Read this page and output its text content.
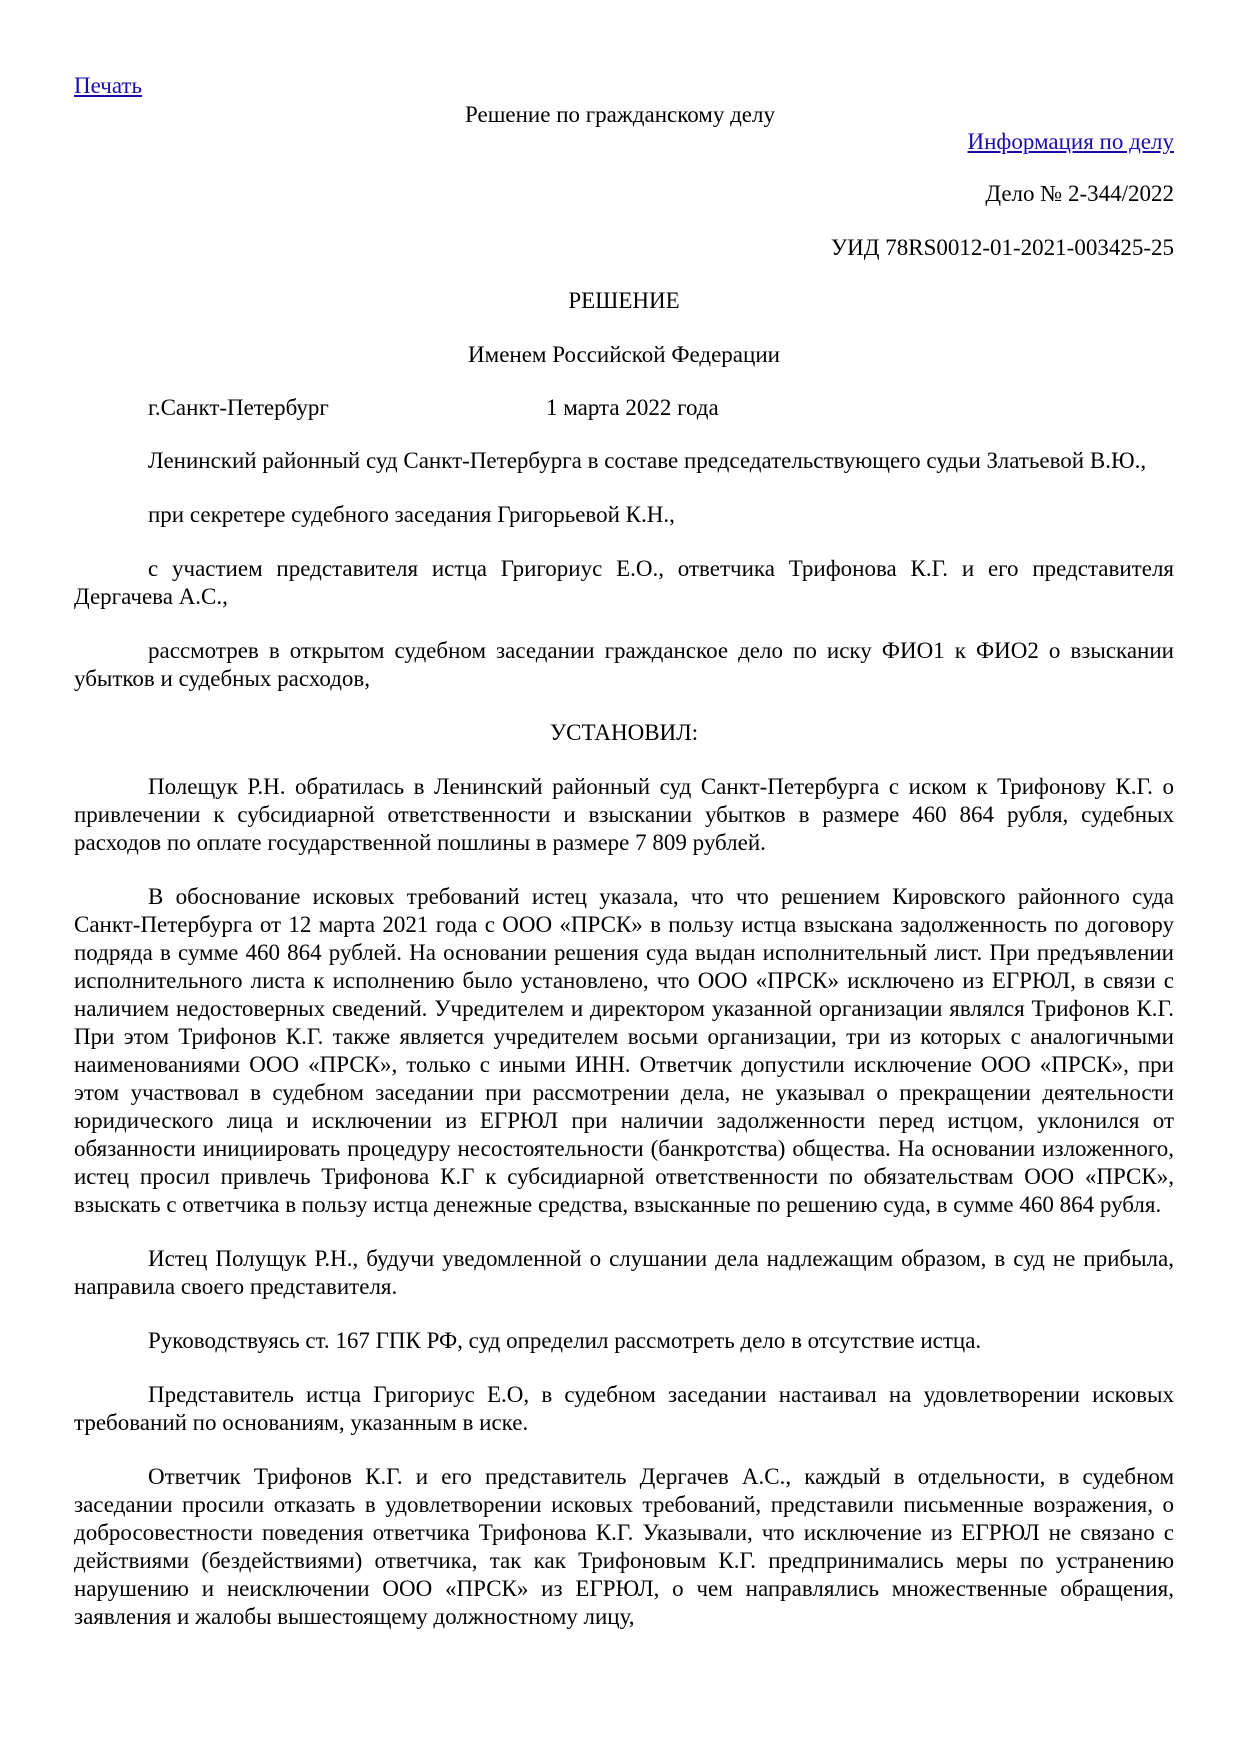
Печать
Решение по гражданскому делу
Информация по делу

Дело № 2-344/2022

УИД 78RS0012-01-2021-003425-25

РЕШЕНИЕ

Именем Российской Федерации

г.Санкт-Петербург	1 марта 2022 года

Ленинский районный суд Санкт-Петербурга в составе председательствующего судьи Златьевой В.Ю.,

при секретере судебного заседания Григорьевой К.Н.,

с участием представителя истца Григориус Е.О., ответчика Трифонова К.Г. и его представителя Дергачева А.С.,

рассмотрев в открытом судебном заседании гражданское дело по иску ФИО1 к ФИО2 о взыскании убытков и судебных расходов,

УСТАНОВИЛ:

Полещук Р.Н. обратилась в Ленинский районный суд Санкт-Петербурга с иском к Трифонову К.Г. о привлечении к субсидиарной ответственности и взыскании убытков в размере 460 864 рубля, судебных расходов по оплате государственной пошлины в размере 7 809 рублей.

В обоснование исковых требований истец указала, что что решением Кировского районного суда Санкт-Петербурга от 12 марта 2021 года с ООО «ПРСК» в пользу истца взыскана задолженность по договору подряда в сумме 460 864 рублей. На основании решения суда выдан исполнительный лист. При предъявлении исполнительного листа к исполнению было установлено, что ООО «ПРСК» исключено из ЕГРЮЛ, в связи с наличием недостоверных сведений. Учредителем и директором указанной организации являлся Трифонов К.Г. При этом Трифонов К.Г. также является учредителем восьми организации, три из которых с аналогичными наименованиями ООО «ПРСК», только с иными ИНН. Ответчик допустили исключение ООО «ПРСК», при этом участвовал в судебном заседании при рассмотрении дела, не указывал о прекращении деятельности юридического лица и исключении из ЕГРЮЛ при наличии задолженности перед истцом, уклонился от обязанности инициировать процедуру несостоятельности (банкротства) общества. На основании изложенного, истец просил привлечь Трифонова К.Г к субсидиарной ответственности по обязательствам ООО «ПРСК», взыскать с ответчика в пользу истца денежные средства, взысканные по решению суда, в сумме 460 864 рубля.

Истец Полущук Р.Н., будучи уведомленной о слушании дела надлежащим образом, в суд не прибыла, направила своего представителя.

Руководствуясь ст. 167 ГПК РФ, суд определил рассмотреть дело в отсутствие истца.

Представитель истца Григориус Е.О, в судебном заседании настаивал на удовлетворении исковых требований по основаниям, указанным в иске.

Ответчик Трифонов К.Г. и его представитель Дергачев А.С., каждый в отдельности, в судебном заседании просили отказать в удовлетворении исковых требований, представили письменные возражения, о добросовестности поведения ответчика Трифонова К.Г. Указывали, что исключение из ЕГРЮЛ не связано с действиями (бездействиями) ответчика, так как Трифоновым К.Г. предпринимались меры по устранению нарушению и неисключении ООО «ПРСК» из ЕГРЮЛ, о чем направлялись множественные обращения, заявления и жалобы вышестоящему должностному лицу,
